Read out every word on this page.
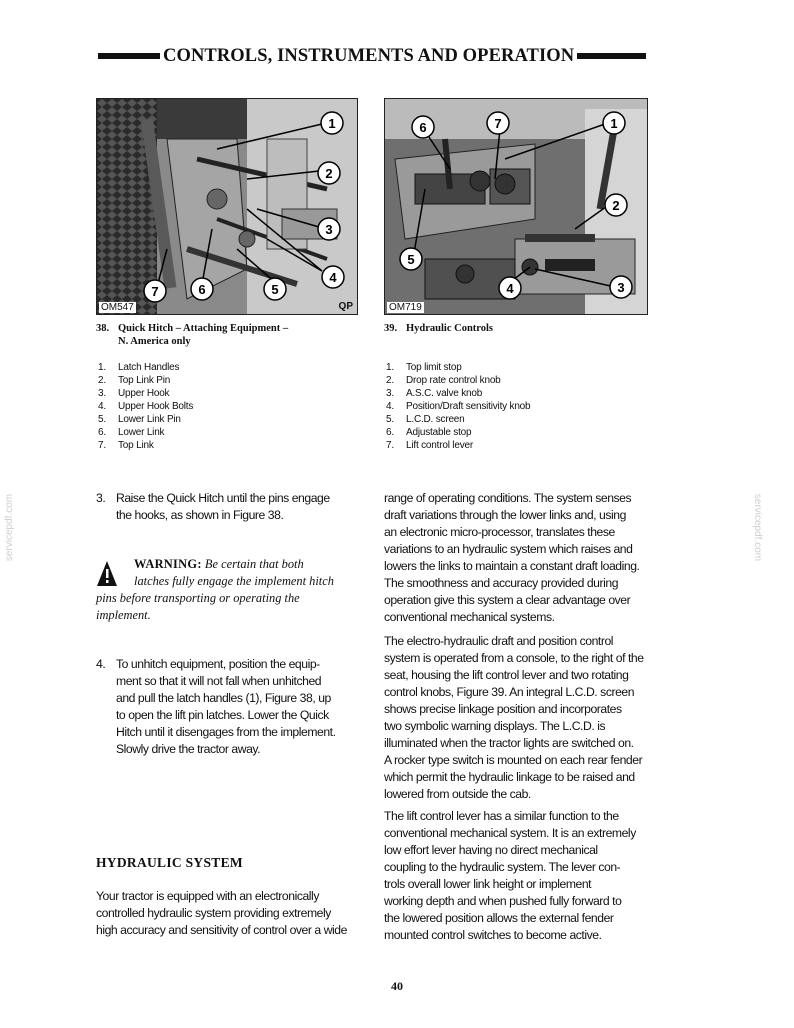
CONTROLS, INSTRUMENTS AND OPERATION
1
2
3
4
5
6
7
OM547	QP
6	7	1
2
5
4	3
OM719
38. Quick Hitch – Attaching Equipment –
N. America only
39. Hydraulic Controls
1.	Latch Handles
2.	Top Link Pin
3.	Upper Hook
4.	Upper Hook Bolts
5.	Lower Link Pin
6.	Lower Link
7.	Top Link
1.	Top limit stop
2.	Drop rate control knob
3.	A.S.C. valve knob
4.	Position/Draft sensitivity knob
5.	L.C.D. screen
6.	Adjustable stop
7.	Lift control lever
3. Raise the Quick Hitch until the pins engage
the hooks, as shown in Figure 38.
WARNING: Be certain that both
latches fully engage the implement hitch
pins before transporting or operating the
implement.
4. To unhitch equipment, position the equip-
ment so that it will not fall when unhitched
and pull the latch handles (1), Figure 38, up
to open the lift pin latches. Lower the Quick
Hitch until it disengages from the implement.
Slowly drive the tractor away.
HYDRAULIC SYSTEM
Your tractor is equipped with an electronically
controlled hydraulic system providing extremely
high accuracy and sensitivity of control over a wide
range of operating conditions. The system senses
draft variations through the lower links and, using
an electronic micro-processor, translates these
variations to an hydraulic system which raises and
lowers the links to maintain a constant draft loading.
The smoothness and accuracy provided during
operation give this system a clear advantage over
conventional mechanical systems.
The electro-hydraulic draft and position control
system is operated from a console, to the right of the
seat, housing the lift control lever and two rotating
control knobs, Figure 39. An integral L.C.D. screen
shows precise linkage position and incorporates
two symbolic warning displays. The L.C.D. is
illuminated when the tractor lights are switched on.
A rocker type switch is mounted on each rear fender
which permit the hydraulic linkage to be raised and
lowered from outside the cab.
The lift control lever has a similar function to the
conventional mechanical system. It is an extremely
low effort lever having no direct mechanical
coupling to the hydraulic system. The lever con-
trols overall lower link height or implement
working depth and when pushed fully forward to
the lowered position allows the external fender
mounted control switches to become active.
40
servicepdf.com	servicepdf.com
